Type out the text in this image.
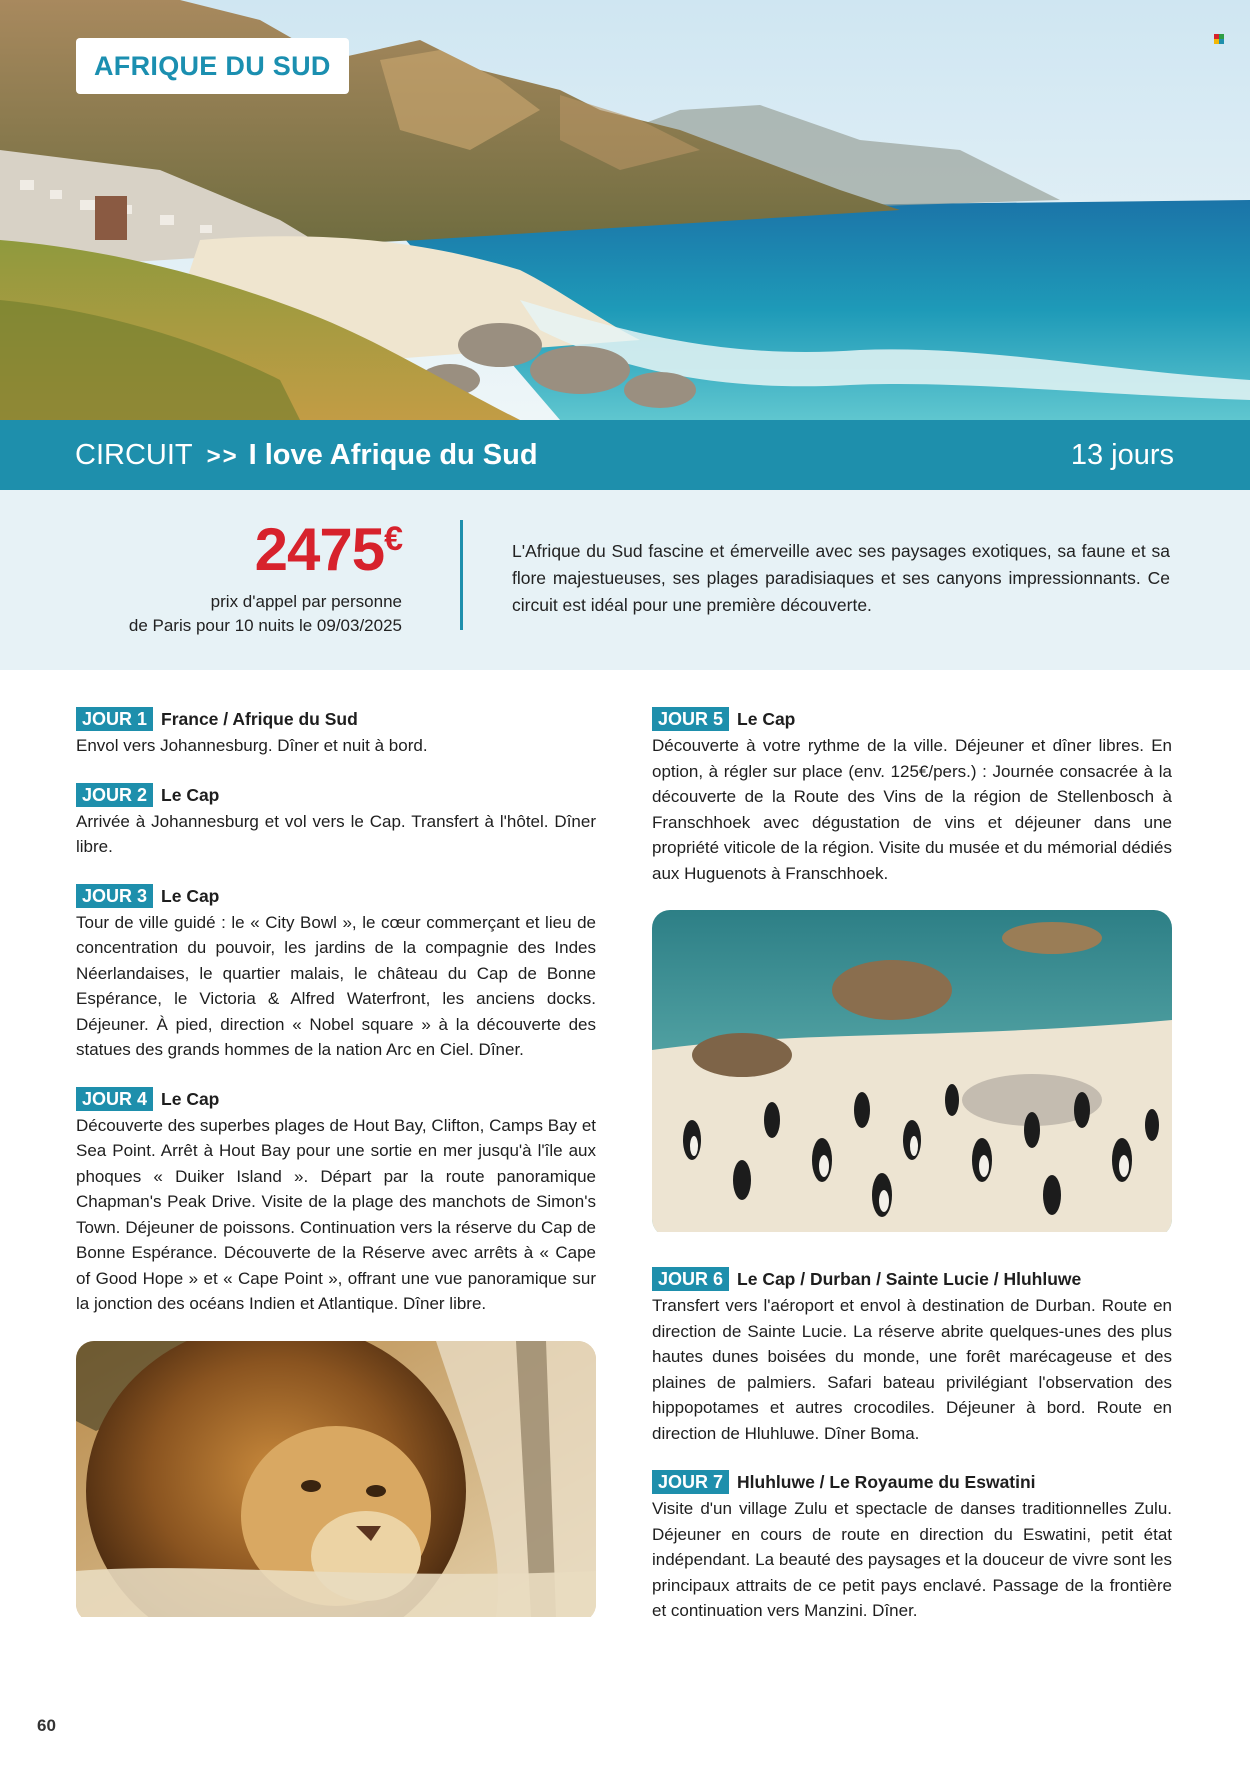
AFRIQUE DU SUD
CIRCUIT >> I love Afrique du Sud	13 jours
2475€
prix d'appel par personne
de Paris pour 10 nuits le 09/03/2025
L'Afrique du Sud fascine et émerveille avec ses paysages exotiques, sa faune et sa flore majestueuses, ses plages paradisiaques et ses canyons impressionnants. Ce circuit est idéal pour une première découverte.
JOUR 1 France / Afrique du Sud
Envol vers Johannesburg. Dîner et nuit à bord.
JOUR 2 Le Cap
Arrivée à Johannesburg et vol vers le Cap. Transfert à l'hôtel. Dîner libre.
JOUR 3 Le Cap
Tour de ville guidé : le « City Bowl », le cœur commerçant et lieu de concentration du pouvoir, les jardins de la compagnie des Indes Néerlandaises, le quartier malais, le château du Cap de Bonne Espérance, le Victoria & Alfred Waterfront, les anciens docks. Déjeuner. À pied, direction « Nobel square » à la découverte des statues des grands hommes de la nation Arc en Ciel. Dîner.
JOUR 4 Le Cap
Découverte des superbes plages de Hout Bay, Clifton, Camps Bay et Sea Point. Arrêt à Hout Bay pour une sortie en mer jusqu'à l'île aux phoques « Duiker Island ». Départ par la route panoramique Chapman's Peak Drive. Visite de la plage des manchots de Simon's Town. Déjeuner de poissons. Continuation vers la réserve du Cap de Bonne Espérance. Découverte de la Réserve avec arrêts à « Cape of Good Hope » et « Cape Point », offrant une vue panoramique sur la jonction des océans Indien et Atlantique. Dîner libre.
JOUR 5 Le Cap
Découverte à votre rythme de la ville. Déjeuner et dîner libres. En option, à régler sur place (env. 125€/pers.) : Journée consacrée à la découverte de la Route des Vins de la région de Stellenbosch à Franschhoek avec dégustation de vins et déjeuner dans une propriété viticole de la région. Visite du musée et du mémorial dédiés aux Huguenots à Franschhoek.
JOUR 6 Le Cap / Durban / Sainte Lucie / Hluhluwe
Transfert vers l'aéroport et envol à destination de Durban. Route en direction de Sainte Lucie. La réserve abrite quelques-unes des plus hautes dunes boisées du monde, une forêt marécageuse et des plaines de palmiers. Safari bateau privilégiant l'observation des hippopotames et autres crocodiles. Déjeuner à bord. Route en direction de Hluhluwe. Dîner Boma.
JOUR 7 Hluhluwe / Le Royaume du Eswatini
Visite d'un village Zulu et spectacle de danses traditionnelles Zulu. Déjeuner en cours de route en direction du Eswatini, petit état indépendant. La beauté des paysages et la douceur de vivre sont les principaux attraits de ce petit pays enclavé. Passage de la frontière et continuation vers Manzini. Dîner.
60
